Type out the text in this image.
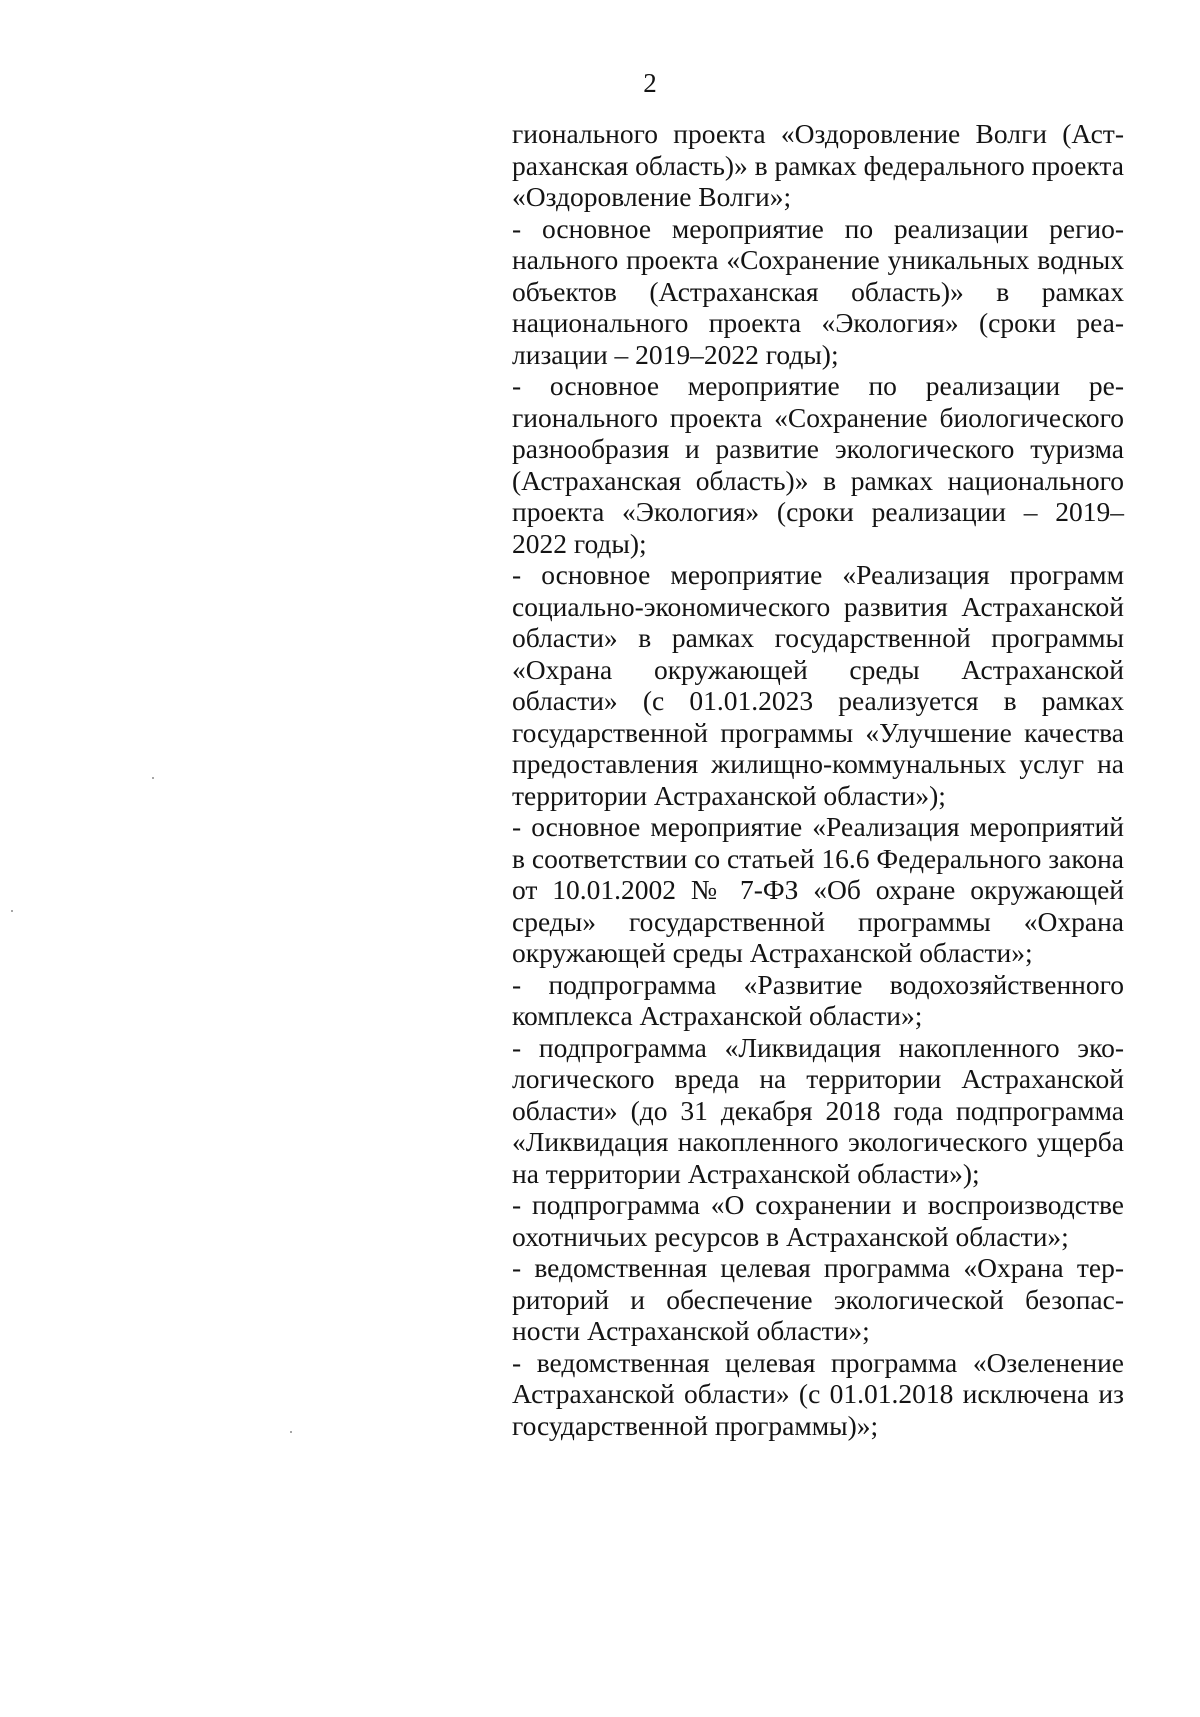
2

гионального проекта «Оздоровление Волги (Астраханская область)» в рамках федерального проекта «Оздоровление Волги»;

- основное мероприятие по реализации регионального проекта «Сохранение уникальных водных объектов (Астраханская область)» в рамках национального проекта «Экология» (сроки реализации – 2019–2022 годы);

- основное мероприятие по реализации регионального проекта «Сохранение биологического разнообразия и развитие экологического туризма (Астраханская область)» в рамках национального проекта «Экология» (сроки реализации – 2019–2022 годы);

- основное мероприятие «Реализация программ социально-экономического развития Астраханской области» в рамках государственной программы «Охрана окружающей среды Астраханской области» (с 01.01.2023 реализуется в рамках государственной программы «Улучшение качества предоставления жилищно-коммунальных услуг на территории Астраханской области»);

- основное мероприятие «Реализация мероприятий в соответствии со статьей 16.6 Федерального закона от 10.01.2002 № 7-ФЗ «Об охране окружающей среды» государственной программы «Охрана окружающей среды Астраханской области»;

- подпрограмма «Развитие водохозяйственного комплекса Астраханской области»;

- подпрограмма «Ликвидация накопленного экологического вреда на территории Астраханской области» (до 31 декабря 2018 года подпрограмма «Ликвидация накопленного экологического ущерба на территории Астраханской области»);

- подпрограмма «О сохранении и воспроизводстве охотничьих ресурсов в Астраханской области»;

- ведомственная целевая программа «Охрана территорий и обеспечение экологической безопасности Астраханской области»;

- ведомственная целевая программа «Озеленение Астраханской области» (с 01.01.2018 исключена из государственной программы)»;
